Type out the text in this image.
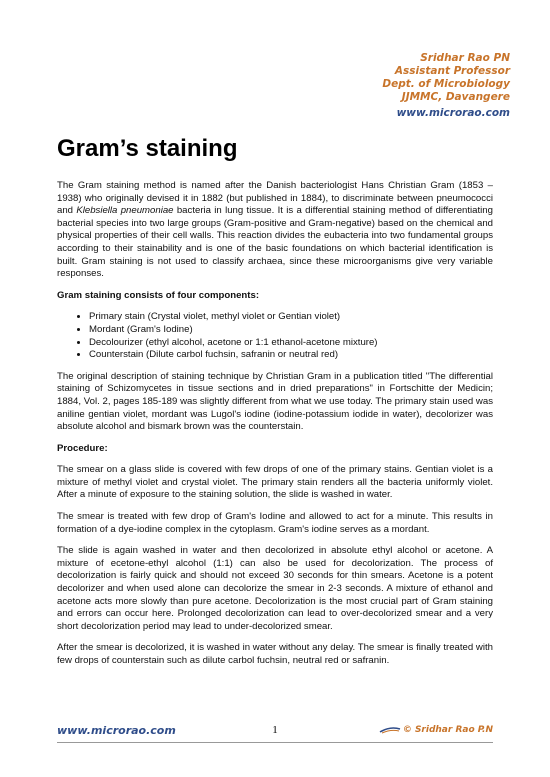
Sridhar Rao PN
Assistant Professor
Dept. of Microbiology
JJMMC, Davangere
www.microrao.com
Gram’s staining

The Gram staining method is named after the Danish bacteriologist Hans Christian Gram (1853 – 1938) who originally devised it in 1882 (but published in 1884), to discriminate between pneumococci and Klebsiella pneumoniae bacteria in lung tissue. It is a differential staining method of differentiating bacterial species into two large groups (Gram-positive and Gram-negative) based on the chemical and physical properties of their cell walls. This reaction divides the eubacteria into two fundamental groups according to their stainability and is one of the basic foundations on which bacterial identification is built. Gram staining is not used to classify archaea, since these microorganisms give very variable responses.

Gram staining consists of four components:

• Primary stain (Crystal violet, methyl violet or Gentian violet)
• Mordant (Gram's Iodine)
• Decolourizer (ethyl alcohol, acetone or 1:1 ethanol-acetone mixture)
• Counterstain (Dilute carbol fuchsin, safranin or neutral red)

The original description of staining technique by Christian Gram in a publication titled "The differential staining of Schizomycetes in tissue sections and in dried preparations" in Fortschitte der Medicin; 1884, Vol. 2, pages 185-189 was slightly different from what we use today. The primary stain used was aniline gentian violet, mordant was Lugol's iodine (iodine-potassium iodide in water), decolorizer was absolute alcohol and bismark brown was the counterstain.

Procedure:

The smear on a glass slide is covered with few drops of one of the primary stains. Gentian violet is a mixture of methyl violet and crystal violet. The primary stain renders all the bacteria uniformly violet. After a minute of exposure to the staining solution, the slide is washed in water.

The smear is treated with few drop of Gram's Iodine and allowed to act for a minute. This results in formation of a dye-iodine complex in the cytoplasm. Gram's iodine serves as a mordant.

The slide is again washed in water and then decolorized in absolute ethyl alcohol or acetone. A mixture of ecetone-ethyl alcohol (1:1) can also be used for decolorization. The process of decolorization is fairly quick and should not exceed 30 seconds for thin smears. Acetone is a potent decolorizer and when used alone can decolorize the smear in 2-3 seconds. A mixture of ethanol and acetone acts more slowly than pure acetone. Decolorization is the most crucial part of Gram staining and errors can occur here. Prolonged decolorization can lead to over-decolorized smear and a very short decolorization period may lead to under-decolorized smear.

After the smear is decolorized, it is washed in water without any delay. The smear is finally treated with few drops of counterstain such as dilute carbol fuchsin, neutral red or safranin.

www.microrao.com	1	© Sridhar Rao P.N
